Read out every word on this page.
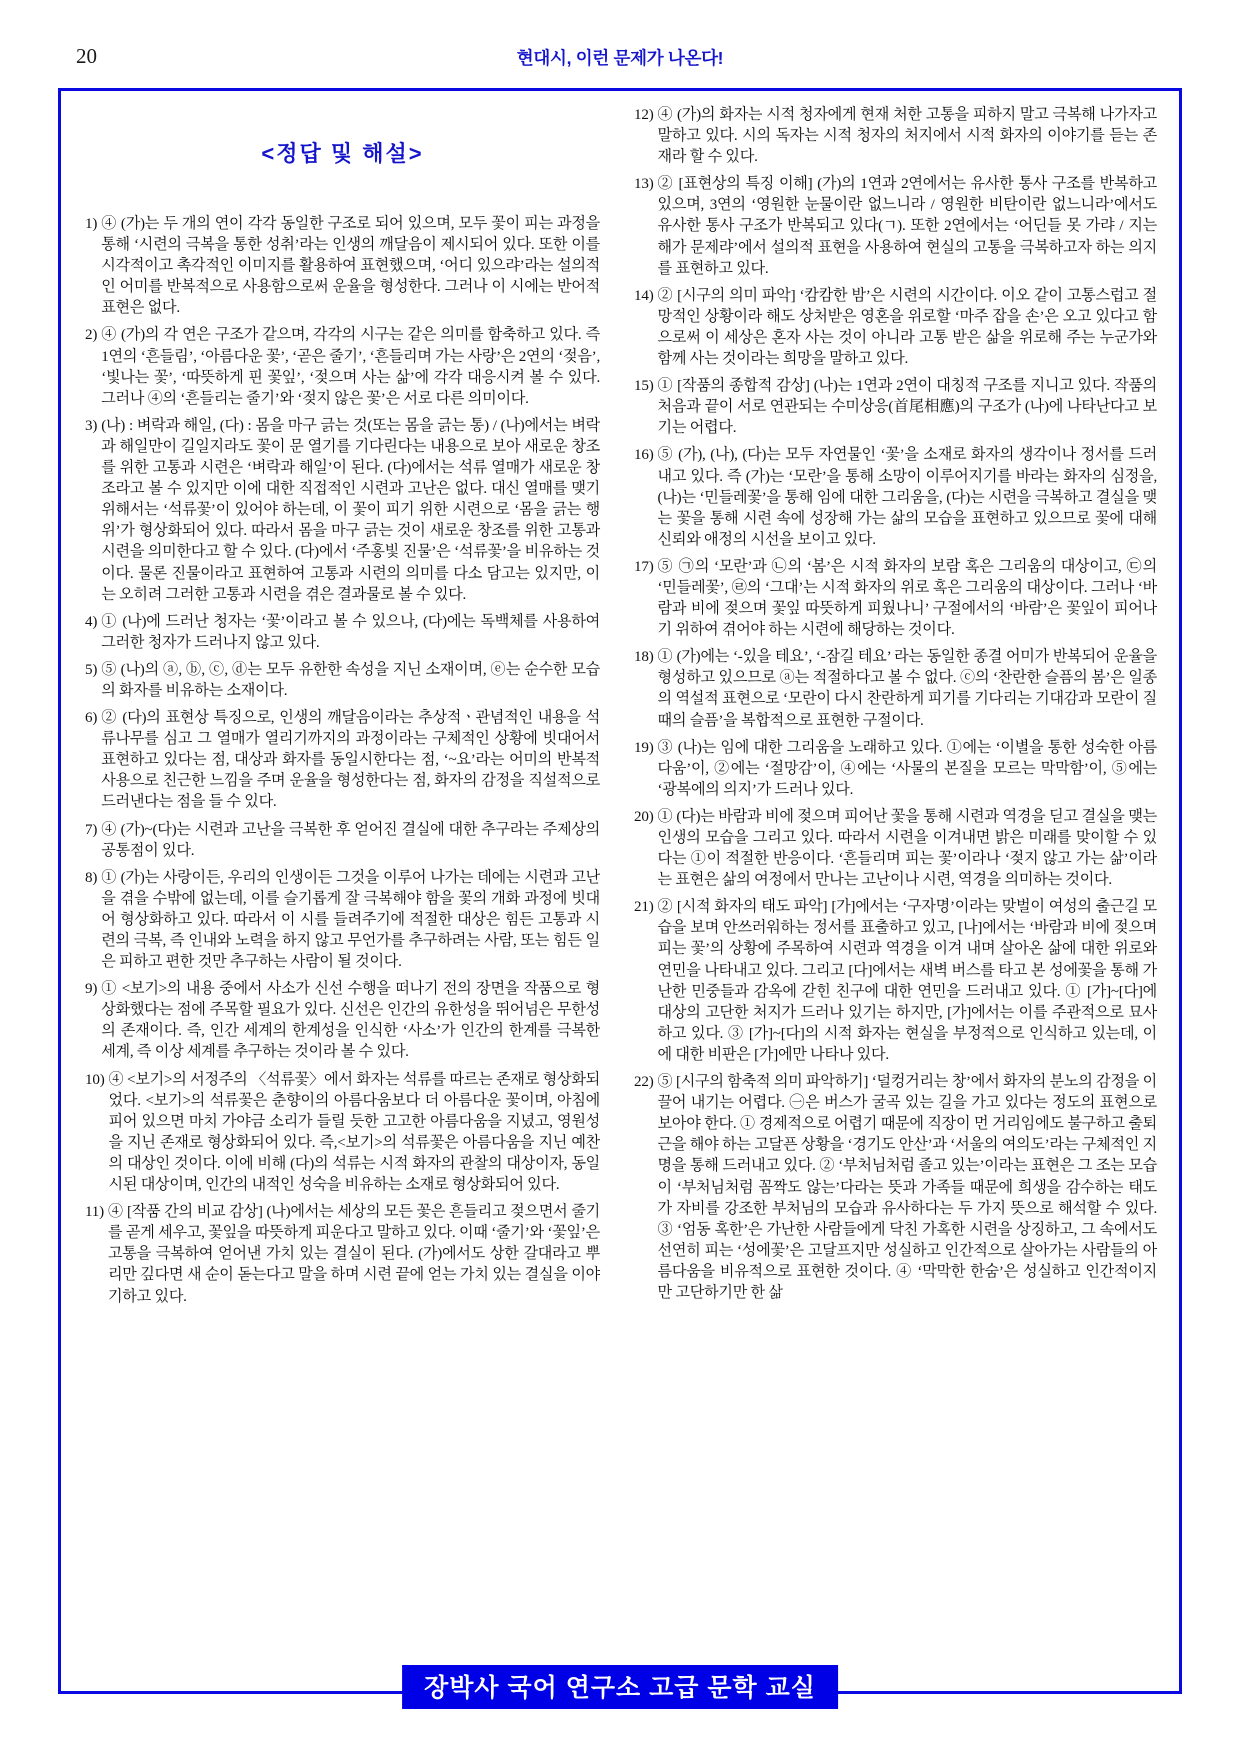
20	현대시, 이런 문제가 나온다!
<정답 및 해설>
1) ④ (가)는 두 개의 연이 각각 동일한 구조로 되어 있으며, 모두 꽃이 피는 과정을 통해 ‘시련의 극복을 통한 성취’라는 인생의 깨달음이 제시되어 있다. 또한 이를 시각적이고 촉각적인 이미지를 활용하여 표현했으며, ‘어디 있으랴’라는 설의적인 어미를 반복적으로 사용함으로써 운율을 형성한다. 그러나 이 시에는 반어적 표현은 없다.
2) ④ (가)의 각 연은 구조가 같으며, 각각의 시구는 같은 의미를 함축하고 있다. 즉 1연의 ‘흔들림’, ‘아름다운 꽃’, ‘곧은 줄기’, ‘흔들리며 가는 사랑’은 2연의 ‘젖음’, ‘빛나는 꽃’, ‘따뜻하게 핀 꽃잎’, ‘젖으며 사는 삶’에 각각 대응시켜 볼 수 있다. 그러나 ④의 ‘흔들리는 줄기’와 ‘젖지 않은 꽃’은 서로 다른 의미이다.
3) (나) : 벼락과 해일, (다) : 몸을 마구 긁는 것(또는 몸을 긁는 통) / (나)에서는 벼락과 해일만이 길일지라도 꽃이 문 열기를 기다린다는 내용으로 보아 새로운 창조를 위한 고통과 시련은 ‘벼락과 해일’이 된다. (다)에서는 석류 열매가 새로운 창조라고 볼 수 있지만 이에 대한 직접적인 시련과 고난은 없다. 대신 열매를 맺기 위해서는 ‘석류꽃’이 있어야 하는데, 이 꽃이 피기 위한 시련으로 ‘몸을 긁는 행위’가 형상화되어 있다. 따라서 몸을 마구 긁는 것이 새로운 창조를 위한 고통과 시련을 의미한다고 할 수 있다. (다)에서 ‘주홍빛 진물’은 ‘석류꽃’을 비유하는 것이다. 물론 진물이라고 표현하여 고통과 시련의 의미를 다소 담고는 있지만, 이는 오히려 그러한 고통과 시련을 겪은 결과물로 볼 수 있다.
4) ① (나)에 드러난 청자는 ‘꽃’이라고 볼 수 있으나, (다)에는 독백체를 사용하여 그러한 청자가 드러나지 않고 있다.
5) ⑤ (나)의 ⓐ, ⓑ, ⓒ, ⓓ는 모두 유한한 속성을 지닌 소재이며, ⓔ는 순수한 모습의 화자를 비유하는 소재이다.
6) ② (다)의 표현상 특징으로, 인생의 깨달음이라는 추상적ㆍ관념적인 내용을 석류나무를 심고 그 열매가 열리기까지의 과정이라는 구체적인 상황에 빗대어서 표현하고 있다는 점, 대상과 화자를 동일시한다는 점, ‘~요’라는 어미의 반복적 사용으로 친근한 느낌을 주며 운율을 형성한다는 점, 화자의 감정을 직설적으로 드러낸다는 점을 들 수 있다.
7) ④ (가)~(다)는 시련과 고난을 극복한 후 얻어진 결실에 대한 추구라는 주제상의 공통점이 있다.
8) ① (가)는 사랑이든, 우리의 인생이든 그것을 이루어 나가는 데에는 시련과 고난을 겪을 수밖에 없는데, 이를 슬기롭게 잘 극복해야 함을 꽃의 개화 과정에 빗대어 형상화하고 있다. 따라서 이 시를 들려주기에 적절한 대상은 힘든 고통과 시련의 극복, 즉 인내와 노력을 하지 않고 무언가를 추구하려는 사람, 또는 힘든 일은 피하고 편한 것만 추구하는 사람이 될 것이다.
9) ① <보기>의 내용 중에서 사소가 신선 수행을 떠나기 전의 장면을 작품으로 형상화했다는 점에 주목할 필요가 있다. 신선은 인간의 유한성을 뛰어넘은 무한성의 존재이다. 즉, 인간 세계의 한계성을 인식한 ‘사소’가 인간의 한계를 극복한 세계, 즉 이상 세계를 추구하는 것이라 볼 수 있다.
10) ④ <보기>의 서정주의 〈석류꽃〉에서 화자는 석류를 따르는 존재로 형상화되었다. <보기>의 석류꽃은 춘향이의 아름다움보다 더 아름다운 꽃이며, 아침에 피어 있으면 마치 가야금 소리가 들릴 듯한 고고한 아름다움을 지녔고, 영원성을 지닌 존재로 형상화되어 있다. 즉,<보기>의 석류꽃은 아름다움을 지닌 예찬의 대상인 것이다. 이에 비해 (다)의 석류는 시적 화자의 관찰의 대상이자, 동일시된 대상이며, 인간의 내적인 성숙을 비유하는 소재로 형상화되어 있다.
11) ④ [작품 간의 비교 감상] (나)에서는 세상의 모든 꽃은 흔들리고 젖으면서 줄기를 곧게 세우고, 꽃잎을 따뜻하게 피운다고 말하고 있다. 이때 ‘줄기’와 ‘꽃잎’은 고통을 극복하여 얻어낸 가치 있는 결실이 된다. (가)에서도 상한 갈대라고 뿌리만 깊다면 새 순이 돋는다고 말을 하며 시련 끝에 얻는 가치 있는 결실을 이야기하고 있다.
12) ④ (가)의 화자는 시적 청자에게 현재 처한 고통을 피하지 말고 극복해 나가자고 말하고 있다. 시의 독자는 시적 청자의 처지에서 시적 화자의 이야기를 듣는 존재라 할 수 있다.
13) ② [표현상의 특징 이해] (가)의 1연과 2연에서는 유사한 통사 구조를 반복하고 있으며, 3연의 ‘영원한 눈물이란 없느니라 / 영원한 비탄이란 없느니라’에서도 유사한 통사 구조가 반복되고 있다(ㄱ). 또한 2연에서는 ‘어딘들 못 가랴 / 지는 해가 문제랴’에서 설의적 표현을 사용하여 현실의 고통을 극복하고자 하는 의지를 표현하고 있다.
14) ② [시구의 의미 파악] ‘캄캄한 밤’은 시련의 시간이다. 이오 같이 고통스럽고 절망적인 상황이라 해도 상처받은 영혼을 위로할 ‘마주 잡을 손’은 오고 있다고 함으로써 이 세상은 혼자 사는 것이 아니라 고통 받은 삶을 위로해 주는 누군가와 함께 사는 것이라는 희망을 말하고 있다.
15) ① [작품의 종합적 감상] (나)는 1연과 2연이 대칭적 구조를 지니고 있다. 작품의 처음과 끝이 서로 연관되는 수미상응(首尾相應)의 구조가 (나)에 나타난다고 보기는 어렵다.
16) ⑤ (가), (나), (다)는 모두 자연물인 ‘꽃’을 소재로 화자의 생각이나 정서를 드러내고 있다. 즉 (가)는 ‘모란’을 통해 소망이 이루어지기를 바라는 화자의 심정을, (나)는 ‘민들레꽃’을 통해 임에 대한 그리움을, (다)는 시련을 극복하고 결실을 맺는 꽃을 통해 시련 속에 성장해 가는 삶의 모습을 표현하고 있으므로 꽃에 대해 신뢰와 애정의 시선을 보이고 있다.
17) ⑤ ㉠의 ‘모란’과 ㉡의 ‘봄’은 시적 화자의 보람 혹은 그리움의 대상이고, ㉢의 ‘민들레꽃’, ㉣의 ‘그대’는 시적 화자의 위로 혹은 그리움의 대상이다. 그러나 ‘바람과 비에 젖으며 꽃잎 따뜻하게 피웠나니’ 구절에서의 ‘바람’은 꽃잎이 피어나기 위하여 겪어야 하는 시련에 해당하는 것이다.
18) ① (가)에는 ‘-있을 테요’, ‘-잠길 테요’ 라는 동일한 종결 어미가 반복되어 운율을 형성하고 있으므로 ⓐ는 적절하다고 볼 수 없다. ⓒ의 ‘찬란한 슬픔의 봄’은 일종의 역설적 표현으로 ‘모란이 다시 찬란하게 피기를 기다리는 기대감과 모란이 질 때의 슬픔’을 복합적으로 표현한 구절이다.
19) ③ (나)는 임에 대한 그리움을 노래하고 있다. ①에는 ‘이별을 통한 성숙한 아름다움’이, ②에는 ‘절망감’이, ④에는 ‘사물의 본질을 모르는 막막함’이, ⑤에는 ‘광복에의 의지’가 드러나 있다.
20) ① (다)는 바람과 비에 젖으며 피어난 꽃을 통해 시련과 역경을 딛고 결실을 맺는 인생의 모습을 그리고 있다. 따라서 시련을 이겨내면 밝은 미래를 맞이할 수 있다는 ①이 적절한 반응이다. ‘흔들리며 피는 꽃’이라나 ‘젖지 않고 가는 삶’이라는 표현은 삶의 여정에서 만나는 고난이나 시련, 역경을 의미하는 것이다.
21) ② [시적 화자의 태도 파악] [가]에서는 ‘구자명’이라는 맞벌이 여성의 출근길 모습을 보며 안쓰러워하는 정서를 표출하고 있고, [나]에서는 ‘바람과 비에 젖으며 피는 꽃’의 상황에 주목하여 시련과 역경을 이겨 내며 살아온 삶에 대한 위로와 연민을 나타내고 있다. 그리고 [다]에서는 새벽 버스를 타고 본 성에꽃을 통해 가난한 민중들과 감옥에 갇힌 친구에 대한 연민을 드러내고 있다. ① [가]~[다]에 대상의 고단한 처지가 드러나 있기는 하지만, [가]에서는 이를 주관적으로 묘사하고 있다. ③ [가]~[다]의 시적 화자는 현실을 부정적으로 인식하고 있는데, 이에 대한 비판은 [가]에만 나타나 있다.
22) ⑤ [시구의 함축적 의미 파악하기] ‘덜컹거리는 창’에서 화자의 분노의 감정을 이끌어 내기는 어렵다. ㊀은 버스가 굴곡 있는 길을 가고 있다는 정도의 표현으로 보아야 한다. ① 경제적으로 어렵기 때문에 직장이 먼 거리임에도 불구하고 출퇴근을 해야 하는 고달픈 상황을 ‘경기도 안산’과 ‘서울의 여의도’라는 구체적인 지명을 통해 드러내고 있다. ② ‘부처님처럼 졸고 있는’이라는 표현은 그 조는 모습이 ‘부처님처럼 꼼짝도 않는’다라는 뜻과 가족들 때문에 희생을 감수하는 태도가 자비를 강조한 부처님의 모습과 유사하다는 두 가지 뜻으로 해석할 수 있다. ③ ‘엄동 혹한’은 가난한 사람들에게 닥친 가혹한 시련을 상징하고, 그 속에서도 선연히 피는 ‘성에꽃’은 고달프지만 성실하고 인간적으로 살아가는 사람들의 아름다움을 비유적으로 표현한 것이다. ④ ‘막막한 한숨’은 성실하고 인간적이지만 고단하기만 한 삶
장박사 국어 연구소 고급 문학 교실
